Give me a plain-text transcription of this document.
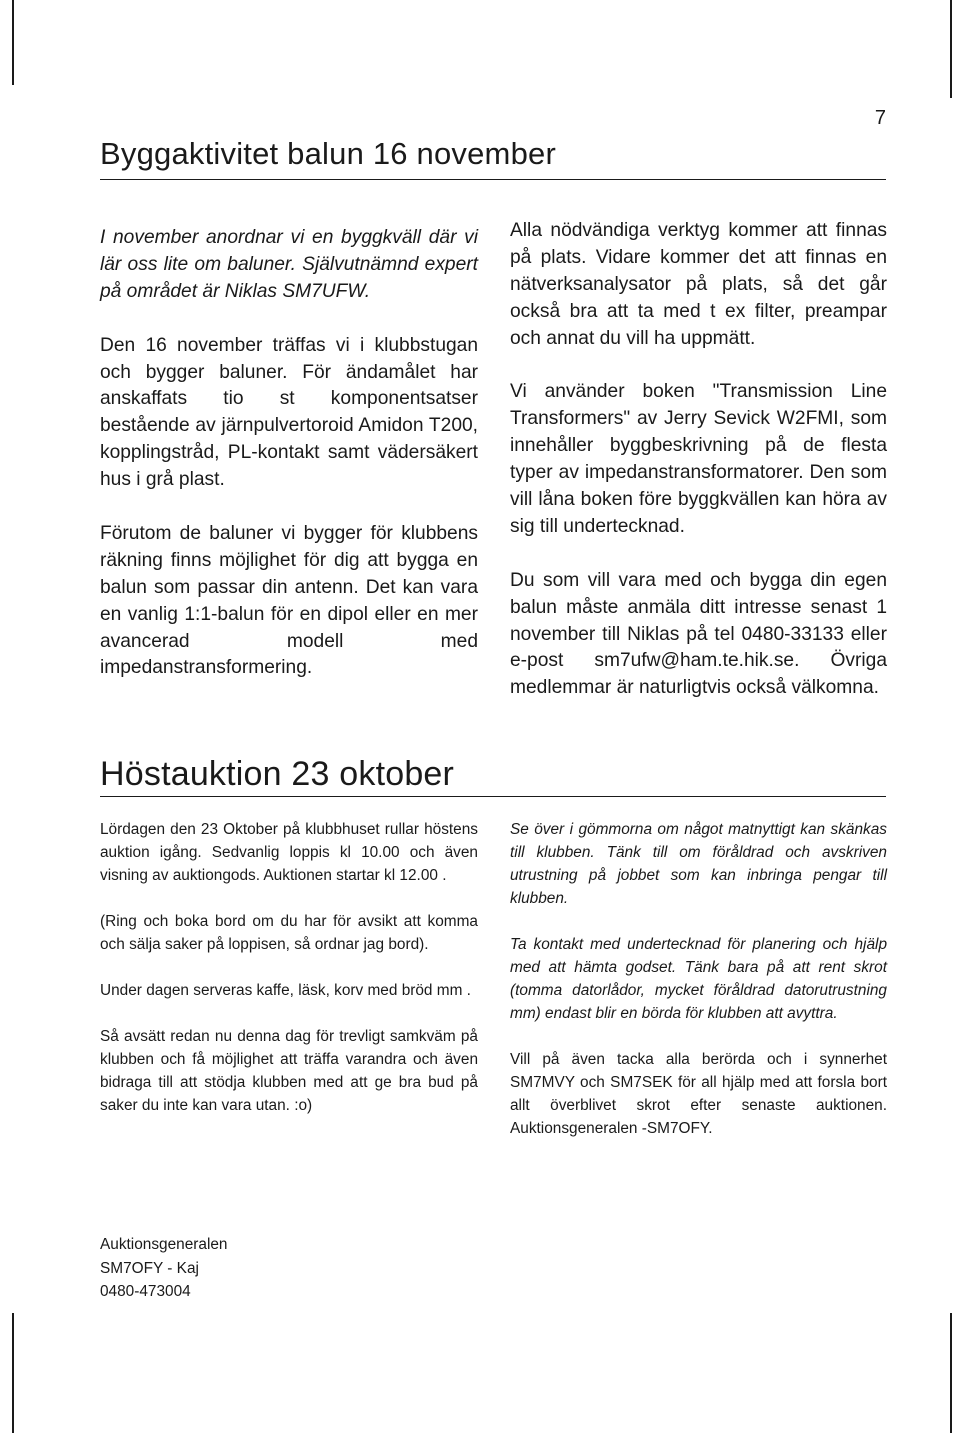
7
Byggaktivitet balun 16 november

I november anordnar vi en byggkväll där vi lär oss lite om baluner. Självutnämnd expert på området är Niklas SM7UFW.

Den 16 november träffas vi i klubbstugan och bygger baluner. För ändamålet har anskaffats tio st komponentsatser bestående av järnpulvertoroid Amidon T200, kopplingstråd, PL-kontakt samt vädersäkert hus i grå plast.

Förutom de baluner vi bygger för klubbens räkning finns möjlighet för dig att bygga en balun som passar din antenn. Det kan vara en vanlig 1:1-balun för en dipol eller en mer avancerad modell med impedanstransformering.

Alla nödvändiga verktyg kommer att finnas på plats. Vidare kommer det att finnas en nätverksanalysator på plats, så det går också bra att ta med t ex filter, preampar och annat du vill ha uppmätt.

Vi använder boken "Transmission Line Transformers" av Jerry Sevick W2FMI, som innehåller byggbeskrivning på de flesta typer av impedanstransformatorer. Den som vill låna boken före byggkvällen kan höra av sig till undertecknad.

Du som vill vara med och bygga din egen balun måste anmäla ditt intresse senast 1 november till Niklas på tel 0480-33133 eller e-post sm7ufw@ham.te.hik.se. Övriga medlemmar är naturligtvis också välkomna.

Höstauktion 23 oktober

Lördagen den 23 Oktober på klubbhuset rullar höstens auktion igång. Sedvanlig loppis kl 10.00 och även visning av auktiongods. Auktionen startar kl 12.00 .

(Ring och boka bord om du har för avsikt att komma och sälja saker på loppisen, så ordnar jag bord).

Under dagen serveras kaffe, läsk, korv med bröd mm .

Så avsätt redan nu denna dag för trevligt samkväm på klubben och få möjlighet att träffa varandra och även bidraga till att stödja klubben med att ge bra bud på saker du inte kan vara utan. :o)

Se över i gömmorna om något matnyttigt kan skänkas till klubben. Tänk till om föråldrad och avskriven utrustning på jobbet som kan inbringa pengar till klubben.

Ta kontakt med undertecknad för planering och hjälp med att hämta godset. Tänk bara på att rent skrot (tomma datorlådor, mycket föråldrad datorutrustning mm) endast blir en börda för klubben att avyttra.

Vill på även tacka alla berörda och i synnerhet SM7MVY och SM7SEK för all hjälp med att forsla bort allt överblivet skrot efter senaste auktionen. Auktionsgeneralen -SM7OFY.

Auktionsgeneralen
SM7OFY - Kaj
0480-473004
